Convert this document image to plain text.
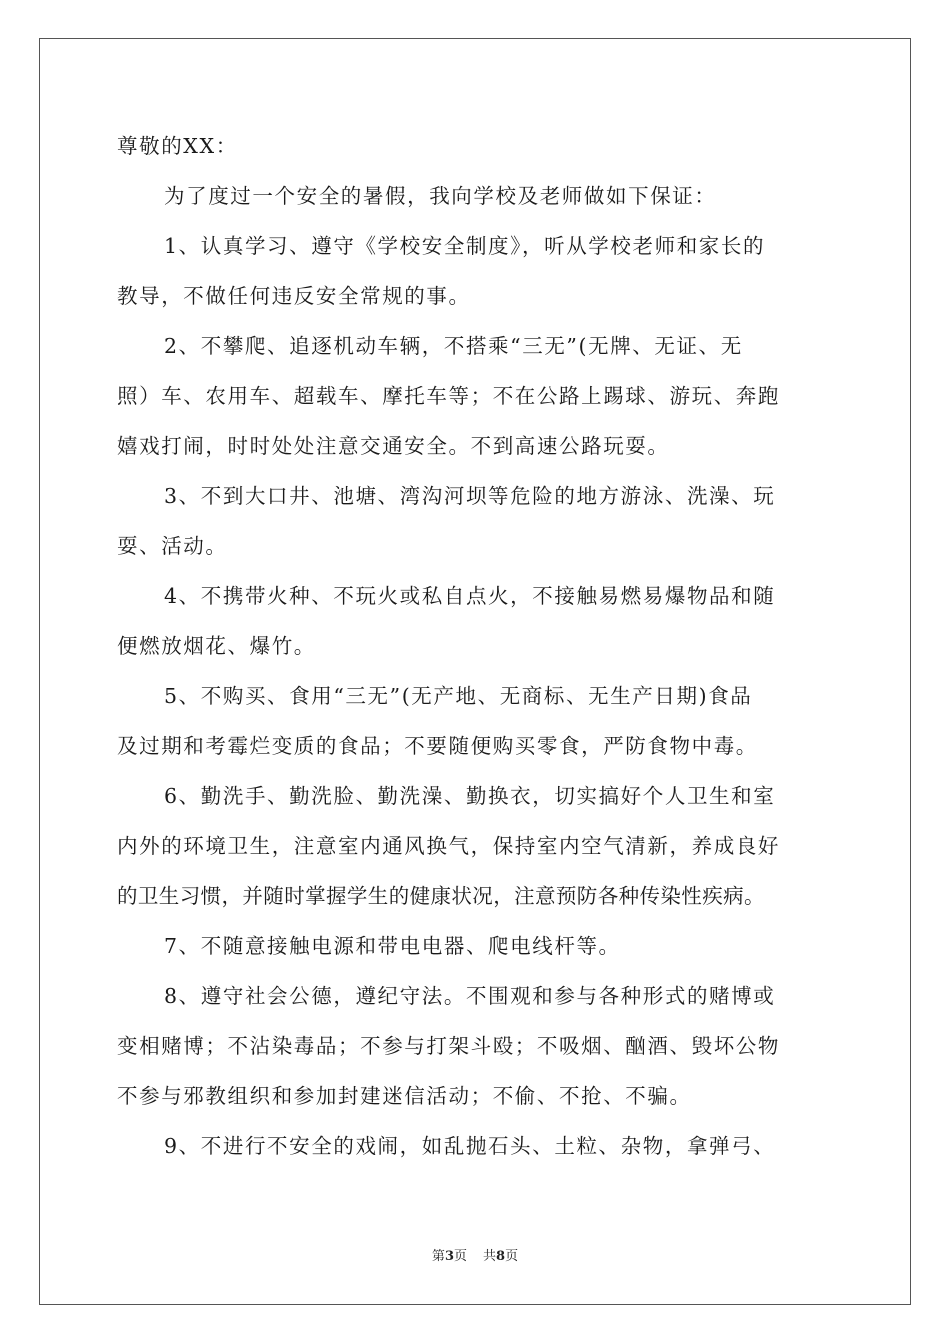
尊敬的XX：
为了度过一个安全的暑假，我向学校及老师做如下保证：
1、认真学习、遵守《学校安全制度》，听从学校老师和家长的
教导，不做任何违反安全常规的事。
2、不攀爬、追逐机动车辆，不搭乘“三无”(无牌、无证、无
照）车、农用车、超载车、摩托车等；不在公路上踢球、游玩、奔跑
嬉戏打闹，时时处处注意交通安全。不到高速公路玩耍。
3、不到大口井、池塘、湾沟河坝等危险的地方游泳、洗澡、玩
耍、活动。
4、不携带火种、不玩火或私自点火，不接触易燃易爆物品和随
便燃放烟花、爆竹。
5、不购买、食用“三无”(无产地、无商标、无生产日期)食品
及过期和考霉烂变质的食品；不要随便购买零食，严防食物中毒。
6、勤洗手、勤洗脸、勤洗澡、勤换衣，切实搞好个人卫生和室
内外的环境卫生，注意室内通风换气，保持室内空气清新，养成良好
的卫生习惯，并随时掌握学生的健康状况，注意预防各种传染性疾病。
7、不随意接触电源和带电电器、爬电线杆等。
8、遵守社会公德，遵纪守法。不围观和参与各种形式的赌博或
变相赌博；不沾染毒品；不参与打架斗殴；不吸烟、酗酒、毁坏公物
不参与邪教组织和参加封建迷信活动；不偷、不抢、不骗。
9、不进行不安全的戏闹，如乱抛石头、土粒、杂物，拿弹弓、
第3页 共8页
